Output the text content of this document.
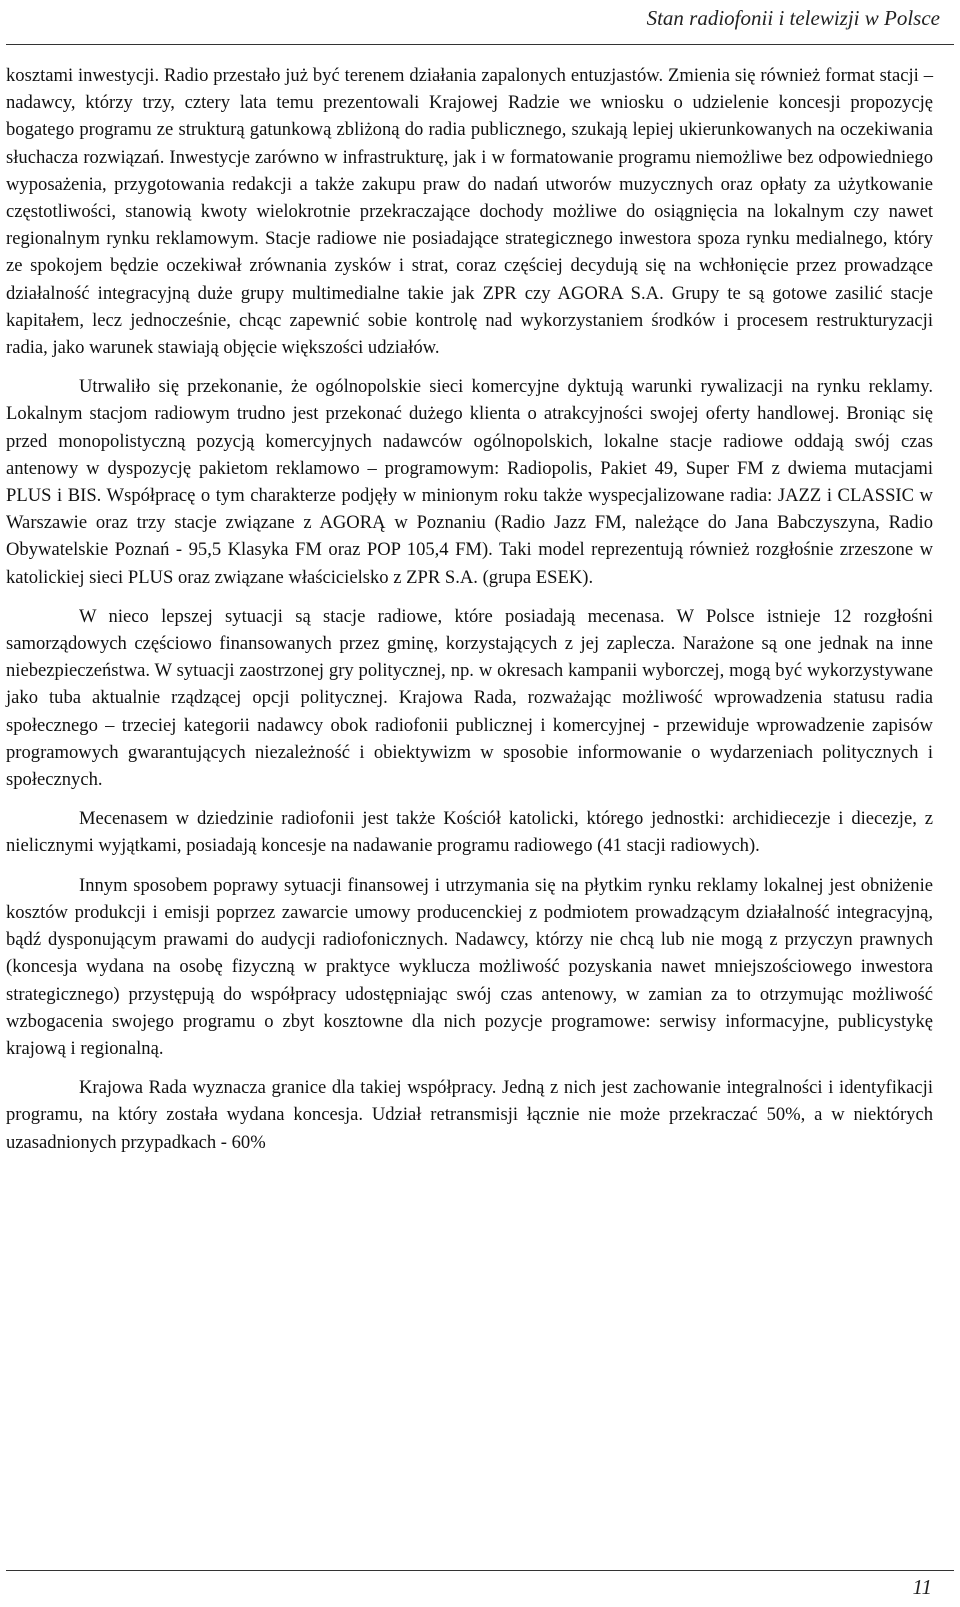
Stan radiofonii i telewizji w Polsce

kosztami inwestycji. Radio przestało już być terenem działania zapalonych entuzjastów. Zmienia się również format stacji – nadawcy, którzy trzy, cztery lata temu prezentowali Krajowej Radzie we wniosku o udzielenie koncesji propozycję bogatego programu ze strukturą gatunkową zbliżoną do radia publicznego, szukają lepiej ukierunkowanych na oczekiwania słuchacza rozwiązań. Inwestycje zarówno w infrastrukturę, jak i w formatowanie programu niemożliwe bez odpowiedniego wyposażenia, przygotowania redakcji a także zakupu praw do nadań utworów muzycznych oraz opłaty za użytkowanie częstotliwości, stanowią kwoty wielokrotnie przekraczające dochody możliwe do osiągnięcia na lokalnym czy nawet regionalnym rynku reklamowym. Stacje radiowe nie posiadające strategicznego inwestora spoza rynku medialnego, który ze spokojem będzie oczekiwał zrównania zysków i strat, coraz częściej decydują się na wchłonięcie przez prowadzące działalność integracyjną duże grupy multimedialne takie jak ZPR czy AGORA S.A. Grupy te są gotowe zasilić stacje kapitałem, lecz jednocześnie, chcąc zapewnić sobie kontrolę nad wykorzystaniem środków i procesem restrukturyzacji radia, jako warunek stawiają objęcie większości udziałów.

Utrwaliło się przekonanie, że ogólnopolskie sieci komercyjne dyktują warunki rywalizacji na rynku reklamy. Lokalnym stacjom radiowym trudno jest przekonać dużego klienta o atrakcyjności swojej oferty handlowej. Broniąc się przed monopolistyczną pozycją komercyjnych nadawców ogólnopolskich, lokalne stacje radiowe oddają swój czas antenowy w dyspozycję pakietom reklamowo – programowym: Radiopolis, Pakiet 49, Super FM z dwiema mutacjami PLUS i BIS. Współpracę o tym charakterze podjęły w minionym roku także wyspecjalizowane radia: JAZZ i CLASSIC w Warszawie oraz trzy stacje związane z AGORĄ w Poznaniu (Radio Jazz FM, należące do Jana Babczyszyna, Radio Obywatelskie Poznań - 95,5 Klasyka FM oraz POP 105,4 FM). Taki model reprezentują również rozgłośnie zrzeszone w katolickiej sieci PLUS oraz związane właścicielsko z ZPR S.A. (grupa ESEK).

W nieco lepszej sytuacji są stacje radiowe, które posiadają mecenasa. W Polsce istnieje 12 rozgłośni samorządowych częściowo finansowanych przez gminę, korzystających z jej zaplecza. Narażone są one jednak na inne niebezpieczeństwa. W sytuacji zaostrzonej gry politycznej, np. w okresach kampanii wyborczej, mogą być wykorzystywane jako tuba aktualnie rządzącej opcji politycznej. Krajowa Rada, rozważając możliwość wprowadzenia statusu radia społecznego – trzeciej kategorii nadawcy obok radiofonii publicznej i komercyjnej - przewiduje wprowadzenie zapisów programowych gwarantujących niezależność i obiektywizm w sposobie informowanie o wydarzeniach politycznych i społecznych.

Mecenasem w dziedzinie radiofonii jest także Kościół katolicki, którego jednostki: archidiecezje i diecezje, z nielicznymi wyjątkami, posiadają koncesje na nadawanie programu radiowego (41 stacji radiowych).

Innym sposobem poprawy sytuacji finansowej i utrzymania się na płytkim rynku reklamy lokalnej jest obniżenie kosztów produkcji i emisji poprzez zawarcie umowy producenckiej z podmiotem prowadzącym działalność integracyjną, bądź dysponującym prawami do audycji radiofonicznych. Nadawcy, którzy nie chcą lub nie mogą z przyczyn prawnych (koncesja wydana na osobę fizyczną w praktyce wyklucza możliwość pozyskania nawet mniejszościowego inwestora strategicznego) przystępują do współpracy udostępniając swój czas antenowy, w zamian za to otrzymując możliwość wzbogacenia swojego programu o zbyt kosztowne dla nich pozycje programowe: serwisy informacyjne, publicystykę krajową i regionalną.

Krajowa Rada wyznacza granice dla takiej współpracy. Jedną z nich jest zachowanie integralności i identyfikacji programu, na który została wydana koncesja. Udział retransmisji łącznie nie może przekraczać 50%, a w niektórych uzasadnionych przypadkach - 60%

11
